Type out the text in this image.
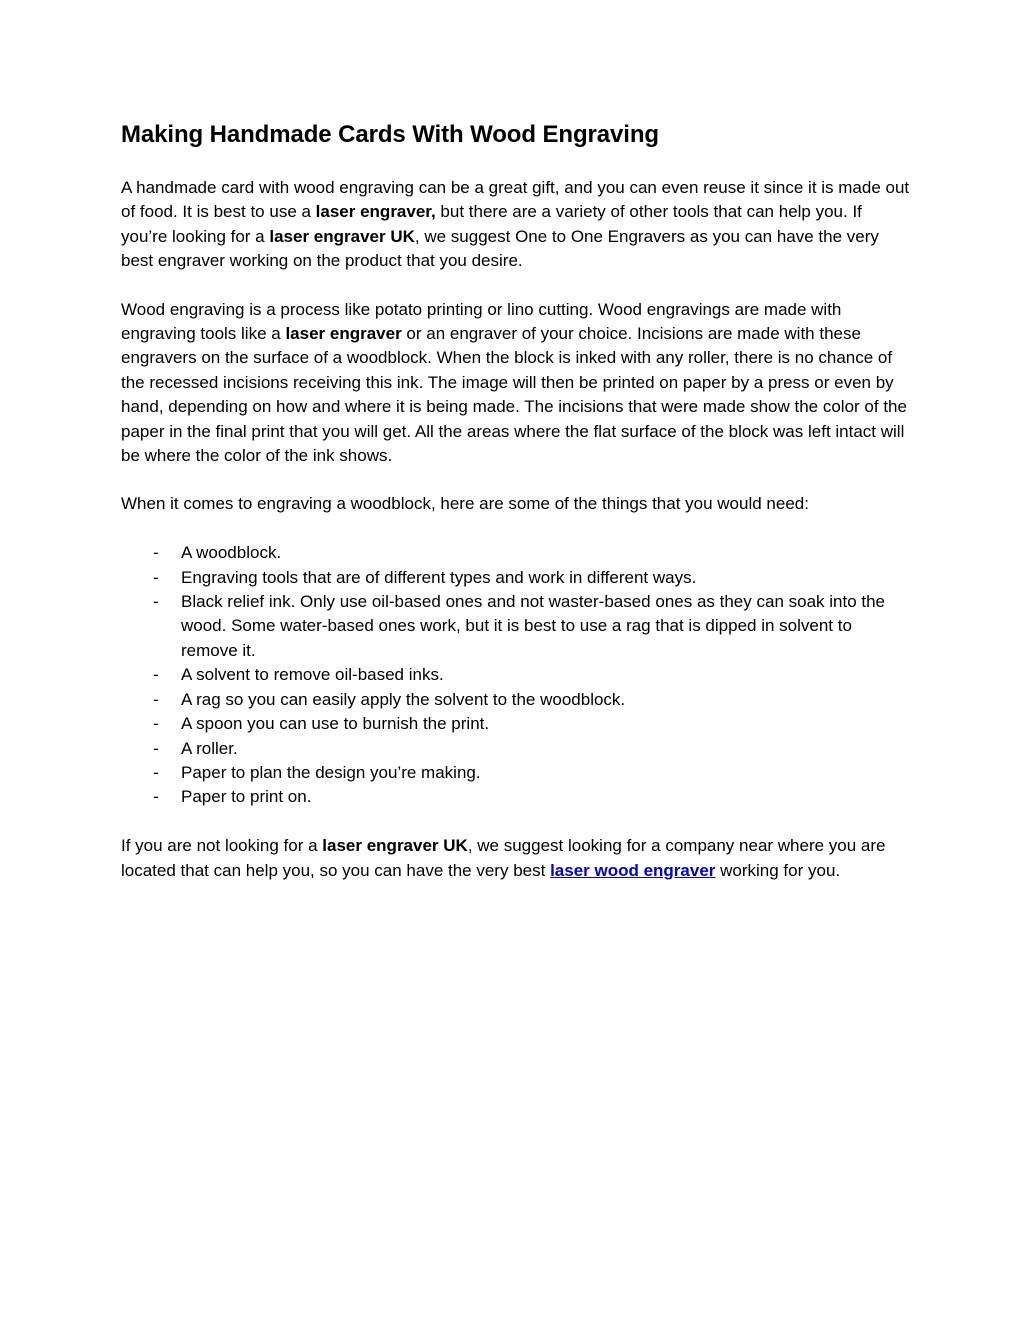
Making Handmade Cards With Wood Engraving

A handmade card with wood engraving can be a great gift, and you can even reuse it since it is made out of food. It is best to use a laser engraver, but there are a variety of other tools that can help you. If you’re looking for a laser engraver UK, we suggest One to One Engravers as you can have the very best engraver working on the product that you desire.

Wood engraving is a process like potato printing or lino cutting. Wood engravings are made with engraving tools like a laser engraver or an engraver of your choice. Incisions are made with these engravers on the surface of a woodblock. When the block is inked with any roller, there is no chance of the recessed incisions receiving this ink. The image will then be printed on paper by a press or even by hand, depending on how and where it is being made. The incisions that were made show the color of the paper in the final print that you will get. All the areas where the flat surface of the block was left intact will be where the color of the ink shows.

When it comes to engraving a woodblock, here are some of the things that you would need:

- A woodblock.
- Engraving tools that are of different types and work in different ways.
- Black relief ink. Only use oil-based ones and not waster-based ones as they can soak into the wood. Some water-based ones work, but it is best to use a rag that is dipped in solvent to remove it.
- A solvent to remove oil-based inks.
- A rag so you can easily apply the solvent to the woodblock.
- A spoon you can use to burnish the print.
- A roller.
- Paper to plan the design you’re making.
- Paper to print on.

If you are not looking for a laser engraver UK, we suggest looking for a company near where you are located that can help you, so you can have the very best laser wood engraver working for you.
